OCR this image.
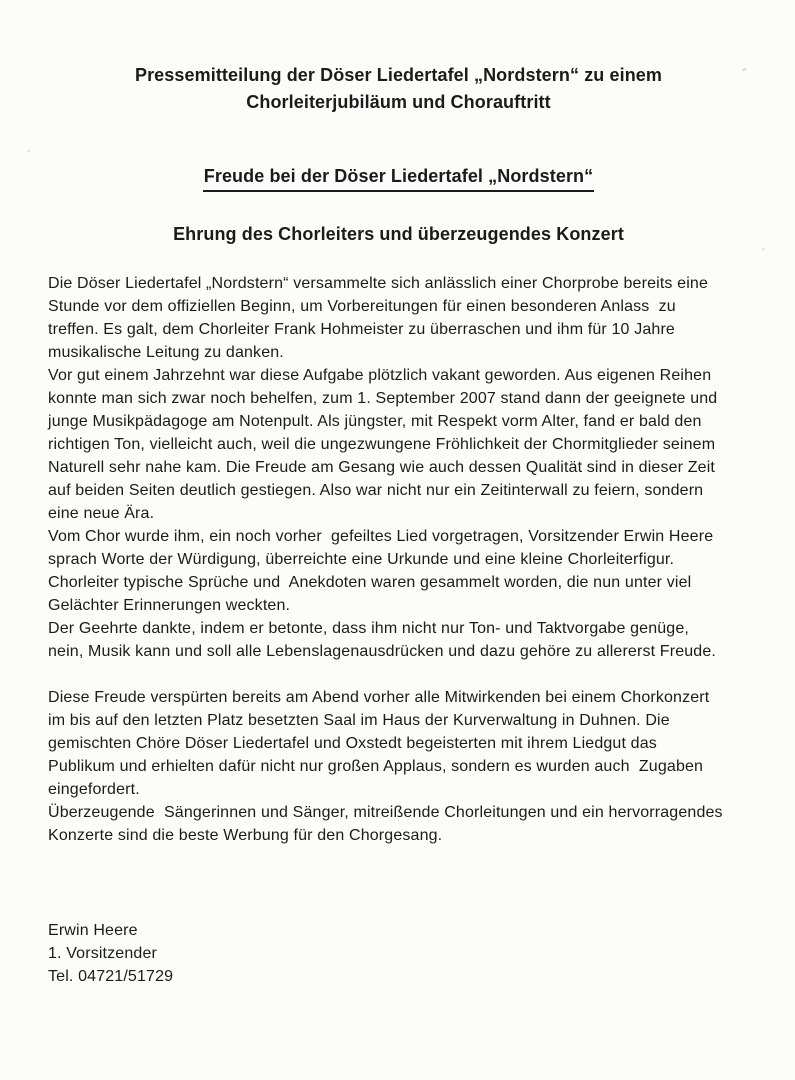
Pressemitteilung der Döser Liedertafel „Nordstern“ zu einem
Chorleiterjubiläum und Chorauftritt
Freude bei der Döser Liedertafel „Nordstern“
Ehrung des Chorleiters und überzeugendes Konzert
Die Döser Liedertafel „Nordstern“ versammelte sich anlässlich einer Chorprobe bereits eine
Stunde vor dem offiziellen Beginn, um Vorbereitungen für einen besonderen Anlass  zu
treffen. Es galt, dem Chorleiter Frank Hohmeister zu überraschen und ihm für 10 Jahre
musikalische Leitung zu danken.
Vor gut einem Jahrzehnt war diese Aufgabe plötzlich vakant geworden. Aus eigenen Reihen
konnte man sich zwar noch behelfen, zum 1. September 2007 stand dann der geeignete und
junge Musikpädagoge am Notenpult. Als jüngster, mit Respekt vorm Alter, fand er bald den
richtigen Ton, vielleicht auch, weil die ungezwungene Fröhlichkeit der Chormitglieder seinem
Naturell sehr nahe kam. Die Freude am Gesang wie auch dessen Qualität sind in dieser Zeit
auf beiden Seiten deutlich gestiegen. Also war nicht nur ein Zeitinterwall zu feiern, sondern
eine neue Ära.
Vom Chor wurde ihm, ein noch vorher  gefeiltes Lied vorgetragen, Vorsitzender Erwin Heere
sprach Worte der Würdigung, überreichte eine Urkunde und eine kleine Chorleiterfigur.
Chorleiter typische Sprüche und  Anekdoten waren gesammelt worden, die nun unter viel
Gelächter Erinnerungen weckten.
Der Geehrte dankte, indem er betonte, dass ihm nicht nur Ton- und Taktvorgabe genüge,
nein, Musik kann und soll alle Lebenslagenausdrücken und dazu gehöre zu allererst Freude.
Diese Freude verspürten bereits am Abend vorher alle Mitwirkenden bei einem Chorkonzert
im bis auf den letzten Platz besetzten Saal im Haus der Kurverwaltung in Duhnen. Die
gemischten Chöre Döser Liedertafel und Oxstedt begeisterten mit ihrem Liedgut das
Publikum und erhielten dafür nicht nur großen Applaus, sondern es wurden auch  Zugaben
eingefordert.
Überzeugende  Sängerinnen und Sänger, mitreißende Chorleitungen und ein hervorragendes
Konzerte sind die beste Werbung für den Chorgesang.
Erwin Heere
1. Vorsitzender
Tel. 04721/51729
